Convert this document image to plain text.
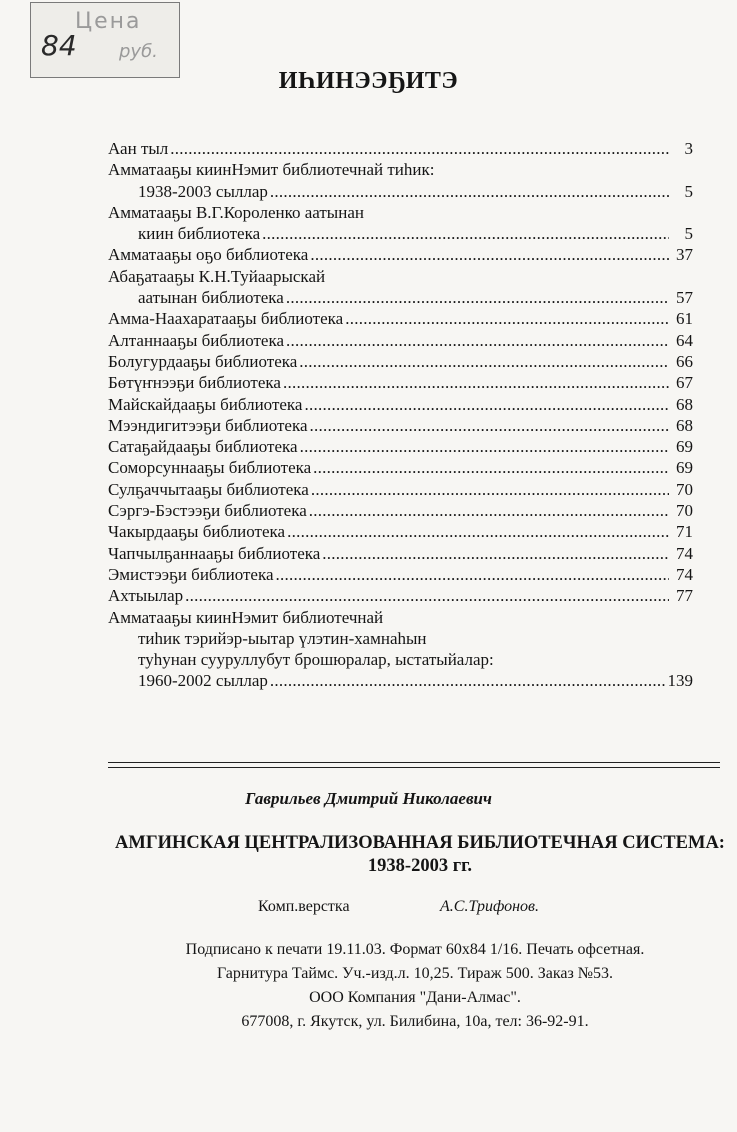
Цена
84 руб.
ИҺИНЭЭҔИТЭ
Аан тыл . . .	3
Амматааҕы киинНэмит библиотечнай тиһик:
1938-2003 сыллар . . .	5
Амматааҕы В.Г.Короленко аатынан
киин библиотека . . .	5
Амматааҕы оҕо библиотека . . .	37
Абаҕатааҕы К.Н.Туйаарыскай
аатынан библиотека . . .	57
Амма-Наахаратааҕы библиотека . . .	61
Алтаннааҕы библиотека . . .	64
Болугурдааҕы библиотека . . .	66
Бөтүҥнээҕи библиотека . . .	67
Майскайдааҕы библиотека . . .	68
Мээндигитээҕи библиотека . . .	68
Сатаҕайдааҕы библиотека . . .	69
Соморсуннааҕы библиотека . . .	69
Сулҕаччытааҕы библиотека . . .	70
Сэргэ-Бэстээҕи библиотека . . .	70
Чакырдааҕы библиотека . . .	71
Чапчылҕаннааҕы библиотека . . .	74
Эмистээҕи библиотека . . .	74
Ахтыылар . . .	77
Амматааҕы киинНэмит библиотечнай
тиһик тэрийэр-ыытар үлэтин-хамнаһын
туһунан сууруллубут брошюралар, ыстатыйалар:
1960-2002 сыллар . . .	139
Гаврильев Дмитрий Николаевич
АМГИНСКАЯ ЦЕНТРАЛИЗОВАННАЯ БИБЛИОТЕЧНАЯ СИСТЕМА:
1938-2003 гг.
Комп.верстка	А.С.Трифонов.
Подписано к печати 19.11.03. Формат 60x84 1/16. Печать офсетная.
Гарнитура Таймс. Уч.-изд.л. 10,25. Тираж 500. Заказ №53.
ООО Компания "Дани-Алмас".
677008, г. Якутск, ул. Билибина, 10а, тел: 36-92-91.
